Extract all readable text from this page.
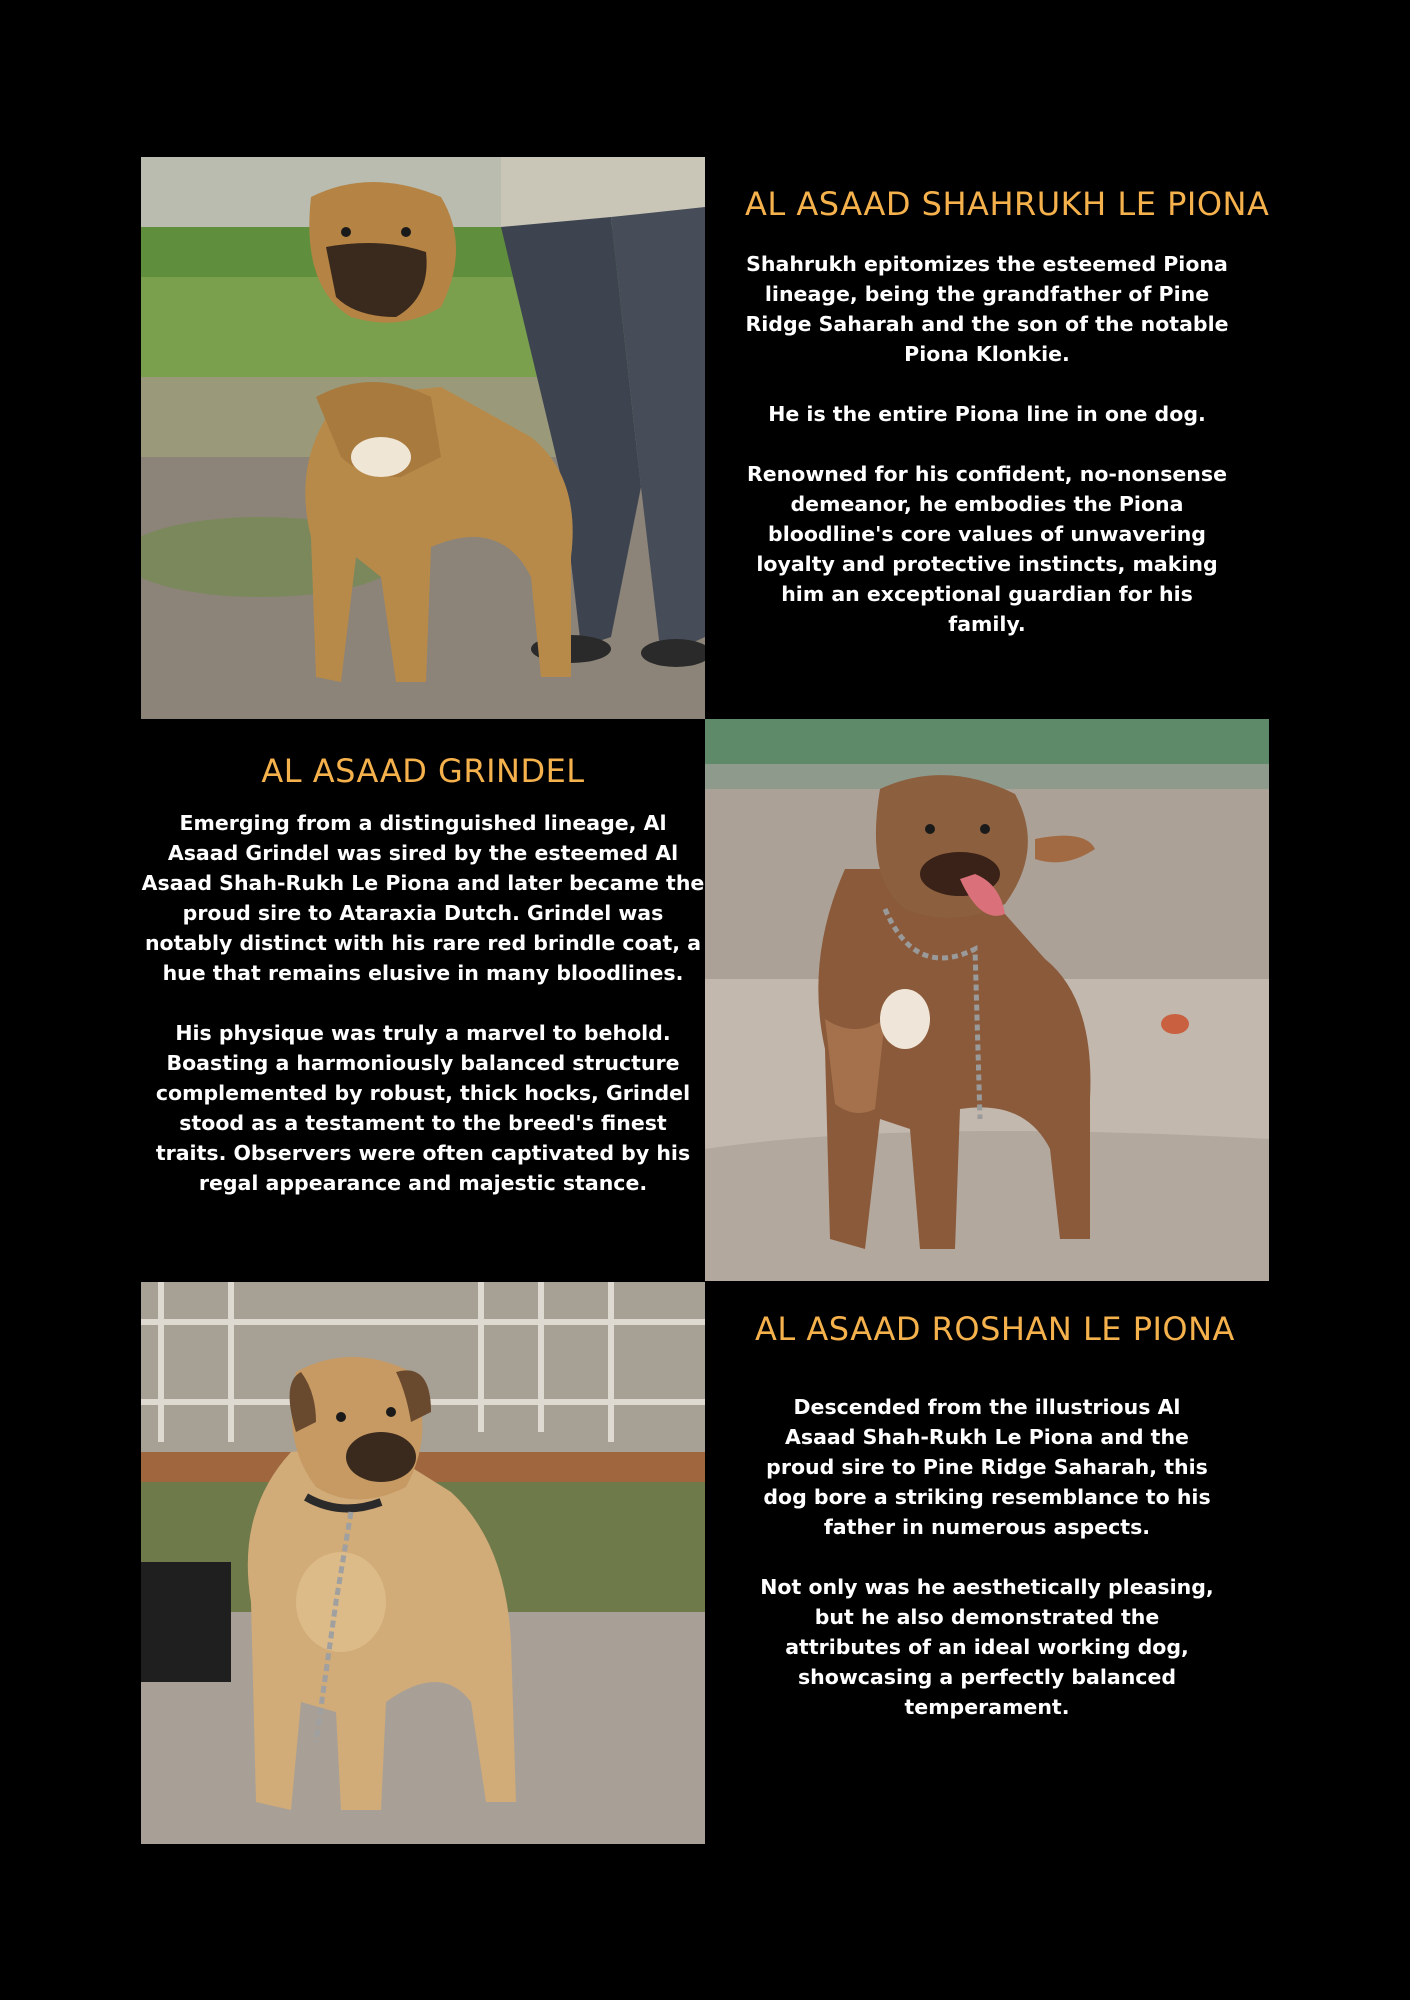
AL ASAAD SHAHRUKH LE PIONA

Shahrukh epitomizes the esteemed Piona lineage, being the grandfather of Pine Ridge Saharah and the son of the notable Piona Klonkie.

He is the entire Piona line in one dog.

Renowned for his confident, no-nonsense demeanor, he embodies the Piona bloodline's core values of unwavering loyalty and protective instincts, making him an exceptional guardian for his family.

AL ASAAD GRINDEL

Emerging from a distinguished lineage, Al Asaad Grindel was sired by the esteemed Al Asaad Shah-Rukh Le Piona and later became the proud sire to Ataraxia Dutch. Grindel was notably distinct with his rare red brindle coat, a hue that remains elusive in many bloodlines.

His physique was truly a marvel to behold. Boasting a harmoniously balanced structure complemented by robust, thick hocks, Grindel stood as a testament to the breed's finest traits. Observers were often captivated by his regal appearance and majestic stance.

AL ASAAD ROSHAN LE PIONA

Descended from the illustrious Al Asaad Shah-Rukh Le Piona and the proud sire to Pine Ridge Saharah, this dog bore a striking resemblance to his father in numerous aspects.

Not only was he aesthetically pleasing, but he also demonstrated the attributes of an ideal working dog, showcasing a perfectly balanced temperament.
